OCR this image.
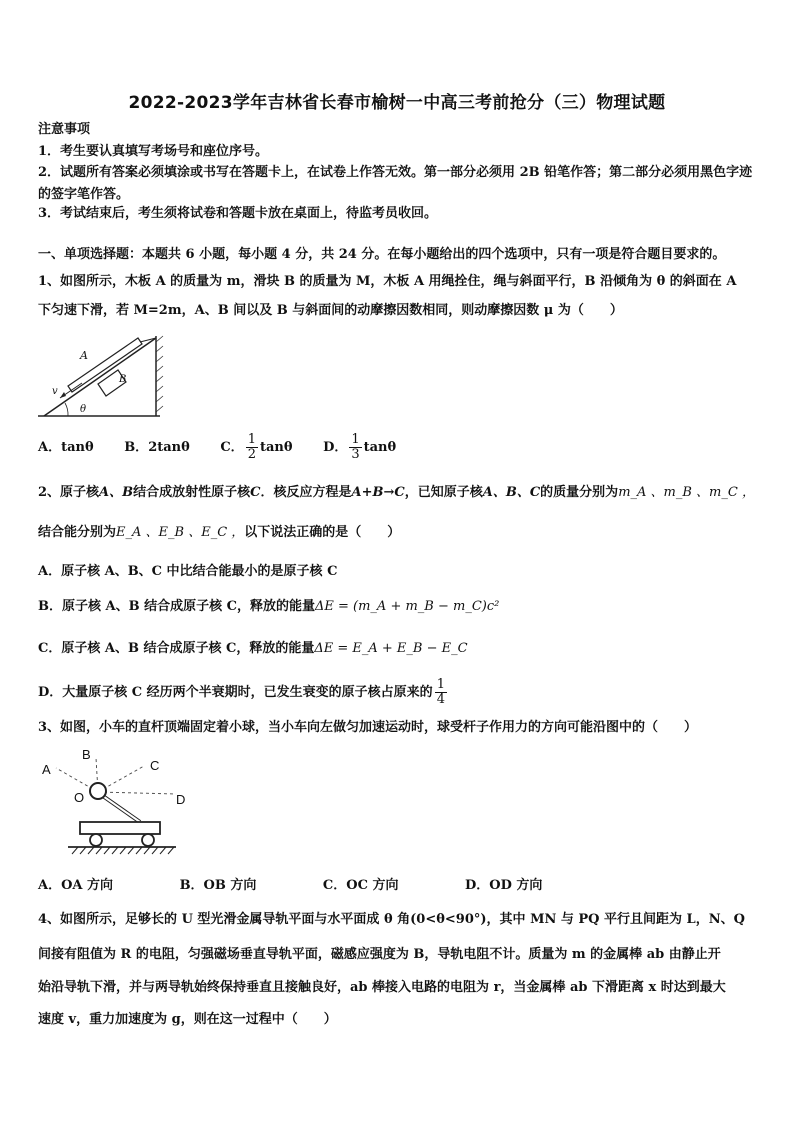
2022-2023学年吉林省长春市榆树一中高三考前抢分（三）物理试题
注意事项
1．考生要认真填写考场号和座位序号。
2．试题所有答案必须填涂或书写在答题卡上，在试卷上作答无效。第一部分必须用 2B 铅笔作答；第二部分必须用黑色字迹的签字笔作答。
3．考试结束后，考生须将试卷和答题卡放在桌面上，待监考员收回。
一、单项选择题：本题共 6 小题，每小题 4 分，共 24 分。在每小题给出的四个选项中，只有一项是符合题目要求的。
1、如图所示，木板 A 的质量为 m，滑块 B 的质量为 M，木板 A 用绳拴住，绳与斜面平行，B 沿倾角为 θ 的斜面在 A
下匀速下滑，若 M=2m，A、B 间以及 B 与斜面间的动摩擦因数相同，则动摩擦因数 μ 为（　　）
A
B
v
θ
A．tanθ B．2tanθ C． $\frac{1}{2}$ tanθ D． $\frac{1}{3}$ tanθ
2、原子核A、B结合成放射性原子核C．核反应方程是A+B→C，已知原子核A、B、C的质量分别为m_A 、m_B 、m_C ，
结合能分别为E_A 、E_B 、E_C ，以下说法正确的是（　　）
A．原子核 A、B、C 中比结合能最小的是原子核 C
B．原子核 A、B 结合成原子核 C，释放的能量ΔE = (m_A + m_B − m_C)c²
C．原子核 A、B 结合成原子核 C，释放的能量ΔE = E_A + E_B − E_C
D．大量原子核 C 经历两个半衰期时，已发生衰变的原子核占原来的 $\frac{1}{4}$
3、如图，小车的直杆顶端固定着小球，当小车向左做匀加速运动时，球受杆子作用力的方向可能沿图中的（　　）
A
B
C
O	D
A．OA 方向	B．OB 方向	C．OC 方向	D．OD 方向
4、如图所示，足够长的 U 型光滑金属导轨平面与水平面成 θ 角(0<θ<90°)，其中 MN 与 PQ 平行且间距为 L，N、Q
间接有阻值为 R 的电阻，匀强磁场垂直导轨平面，磁感应强度为 B，导轨电阻不计。质量为 m 的金属棒 ab 由静止开
始沿导轨下滑，并与两导轨始终保持垂直且接触良好，ab 棒接入电路的电阻为 r，当金属棒 ab 下滑距离 x 时达到最大
速度 v，重力加速度为 g，则在这一过程中（　　）
